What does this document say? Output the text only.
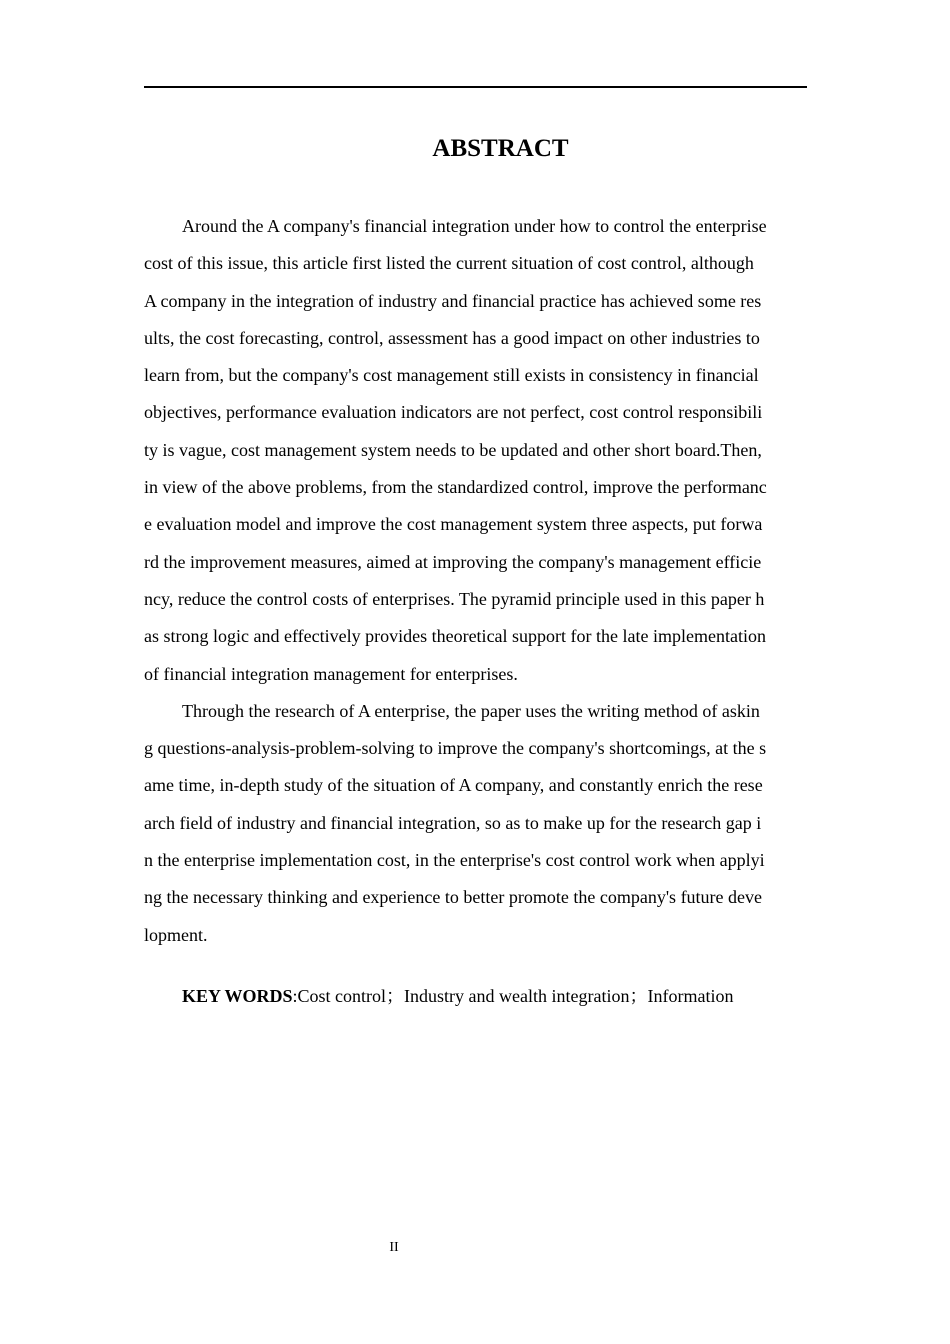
ABSTRACT
Around the A company's financial integration under how to control the enterprise
cost of this issue, this article first listed the current situation of cost control, although
A company in the integration of industry and financial practice has achieved some res
ults, the cost forecasting, control, assessment has a good impact on other industries to
learn from, but the company's cost management still exists in consistency in financial
objectives, performance evaluation indicators are not perfect, cost control responsibili
ty is vague, cost management system needs to be updated and other short board.Then,
in view of the above problems, from the standardized control, improve the performanc
e evaluation model and improve the cost management system three aspects, put forwa
rd the improvement measures, aimed at improving the company's management efficie
ncy, reduce the control costs of enterprises. The pyramid principle used in this paper h
as strong logic and effectively provides theoretical support for the late implementation
of financial integration management for enterprises.
Through the research of A enterprise, the paper uses the writing method of askin
g questions-analysis-problem-solving to improve the company's shortcomings, at the s
ame time, in-depth study of the situation of A company, and constantly enrich the rese
arch field of industry and financial integration, so as to make up for the research gap i
n the enterprise implementation cost, in the enterprise's cost control work when applyi
ng the necessary thinking and experience to better promote the company's future deve
lopment.
KEY WORDS:Cost control；Industry and wealth integration；Information
II
